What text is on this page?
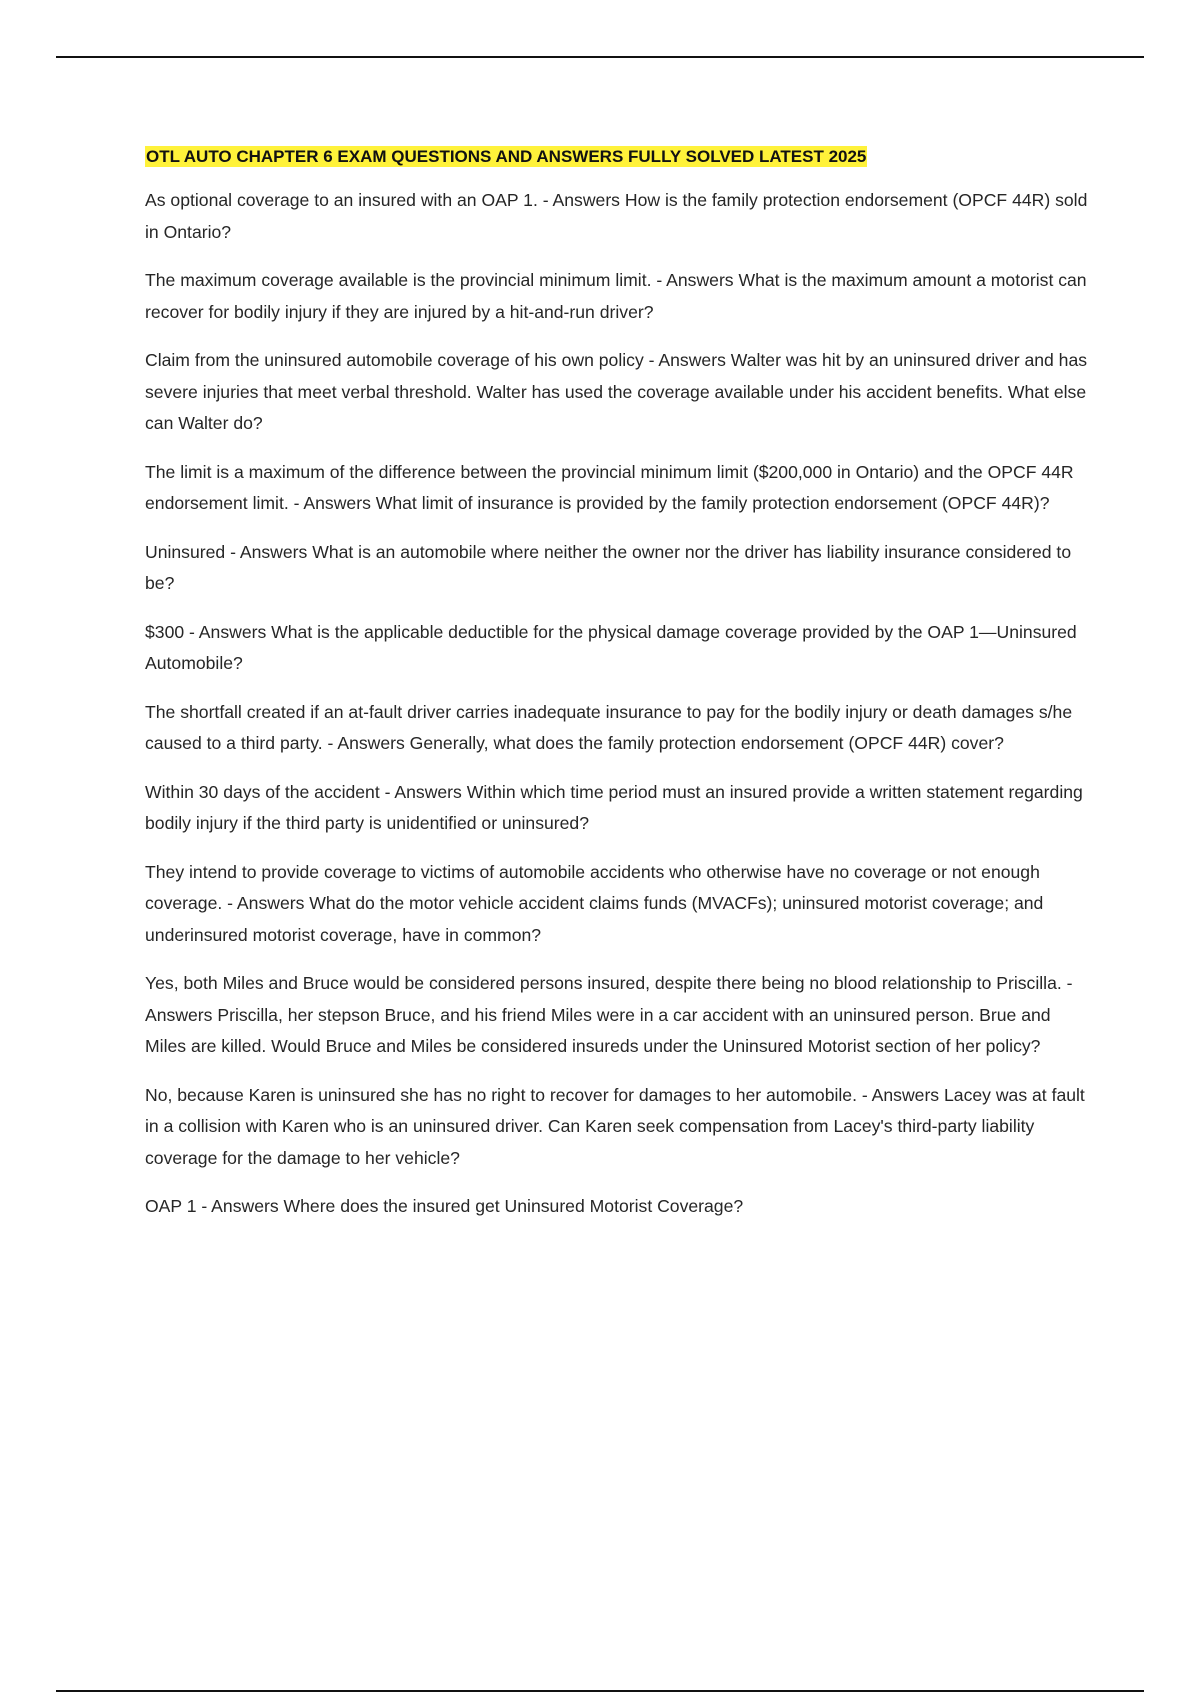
OTL AUTO CHAPTER 6 EXAM QUESTIONS AND ANSWERS FULLY SOLVED LATEST 2025

As optional coverage to an insured with an OAP 1. - Answers How is the family protection endorsement (OPCF 44R) sold in Ontario?

The maximum coverage available is the provincial minimum limit. - Answers What is the maximum amount a motorist can recover for bodily injury if they are injured by a hit-and-run driver?

Claim from the uninsured automobile coverage of his own policy - Answers Walter was hit by an uninsured driver and has severe injuries that meet verbal threshold. Walter has used the coverage available under his accident benefits. What else can Walter do?

The limit is a maximum of the difference between the provincial minimum limit ($200,000 in Ontario) and the OPCF 44R endorsement limit. - Answers What limit of insurance is provided by the family protection endorsement (OPCF 44R)?

Uninsured - Answers What is an automobile where neither the owner nor the driver has liability insurance considered to be?

$300 - Answers What is the applicable deductible for the physical damage coverage provided by the OAP 1—Uninsured Automobile?

The shortfall created if an at-fault driver carries inadequate insurance to pay for the bodily injury or death damages s/he caused to a third party. - Answers Generally, what does the family protection endorsement (OPCF 44R) cover?

Within 30 days of the accident - Answers Within which time period must an insured provide a written statement regarding bodily injury if the third party is unidentified or uninsured?

They intend to provide coverage to victims of automobile accidents who otherwise have no coverage or not enough coverage. - Answers What do the motor vehicle accident claims funds (MVACFs); uninsured motorist coverage; and underinsured motorist coverage, have in common?

Yes, both Miles and Bruce would be considered persons insured, despite there being no blood relationship to Priscilla. - Answers Priscilla, her stepson Bruce, and his friend Miles were in a car accident with an uninsured person. Brue and Miles are killed. Would Bruce and Miles be considered insureds under the Uninsured Motorist section of her policy?

No, because Karen is uninsured she has no right to recover for damages to her automobile. - Answers Lacey was at fault in a collision with Karen who is an uninsured driver. Can Karen seek compensation from Lacey's third-party liability coverage for the damage to her vehicle?

OAP 1 - Answers Where does the insured get Uninsured Motorist Coverage?
